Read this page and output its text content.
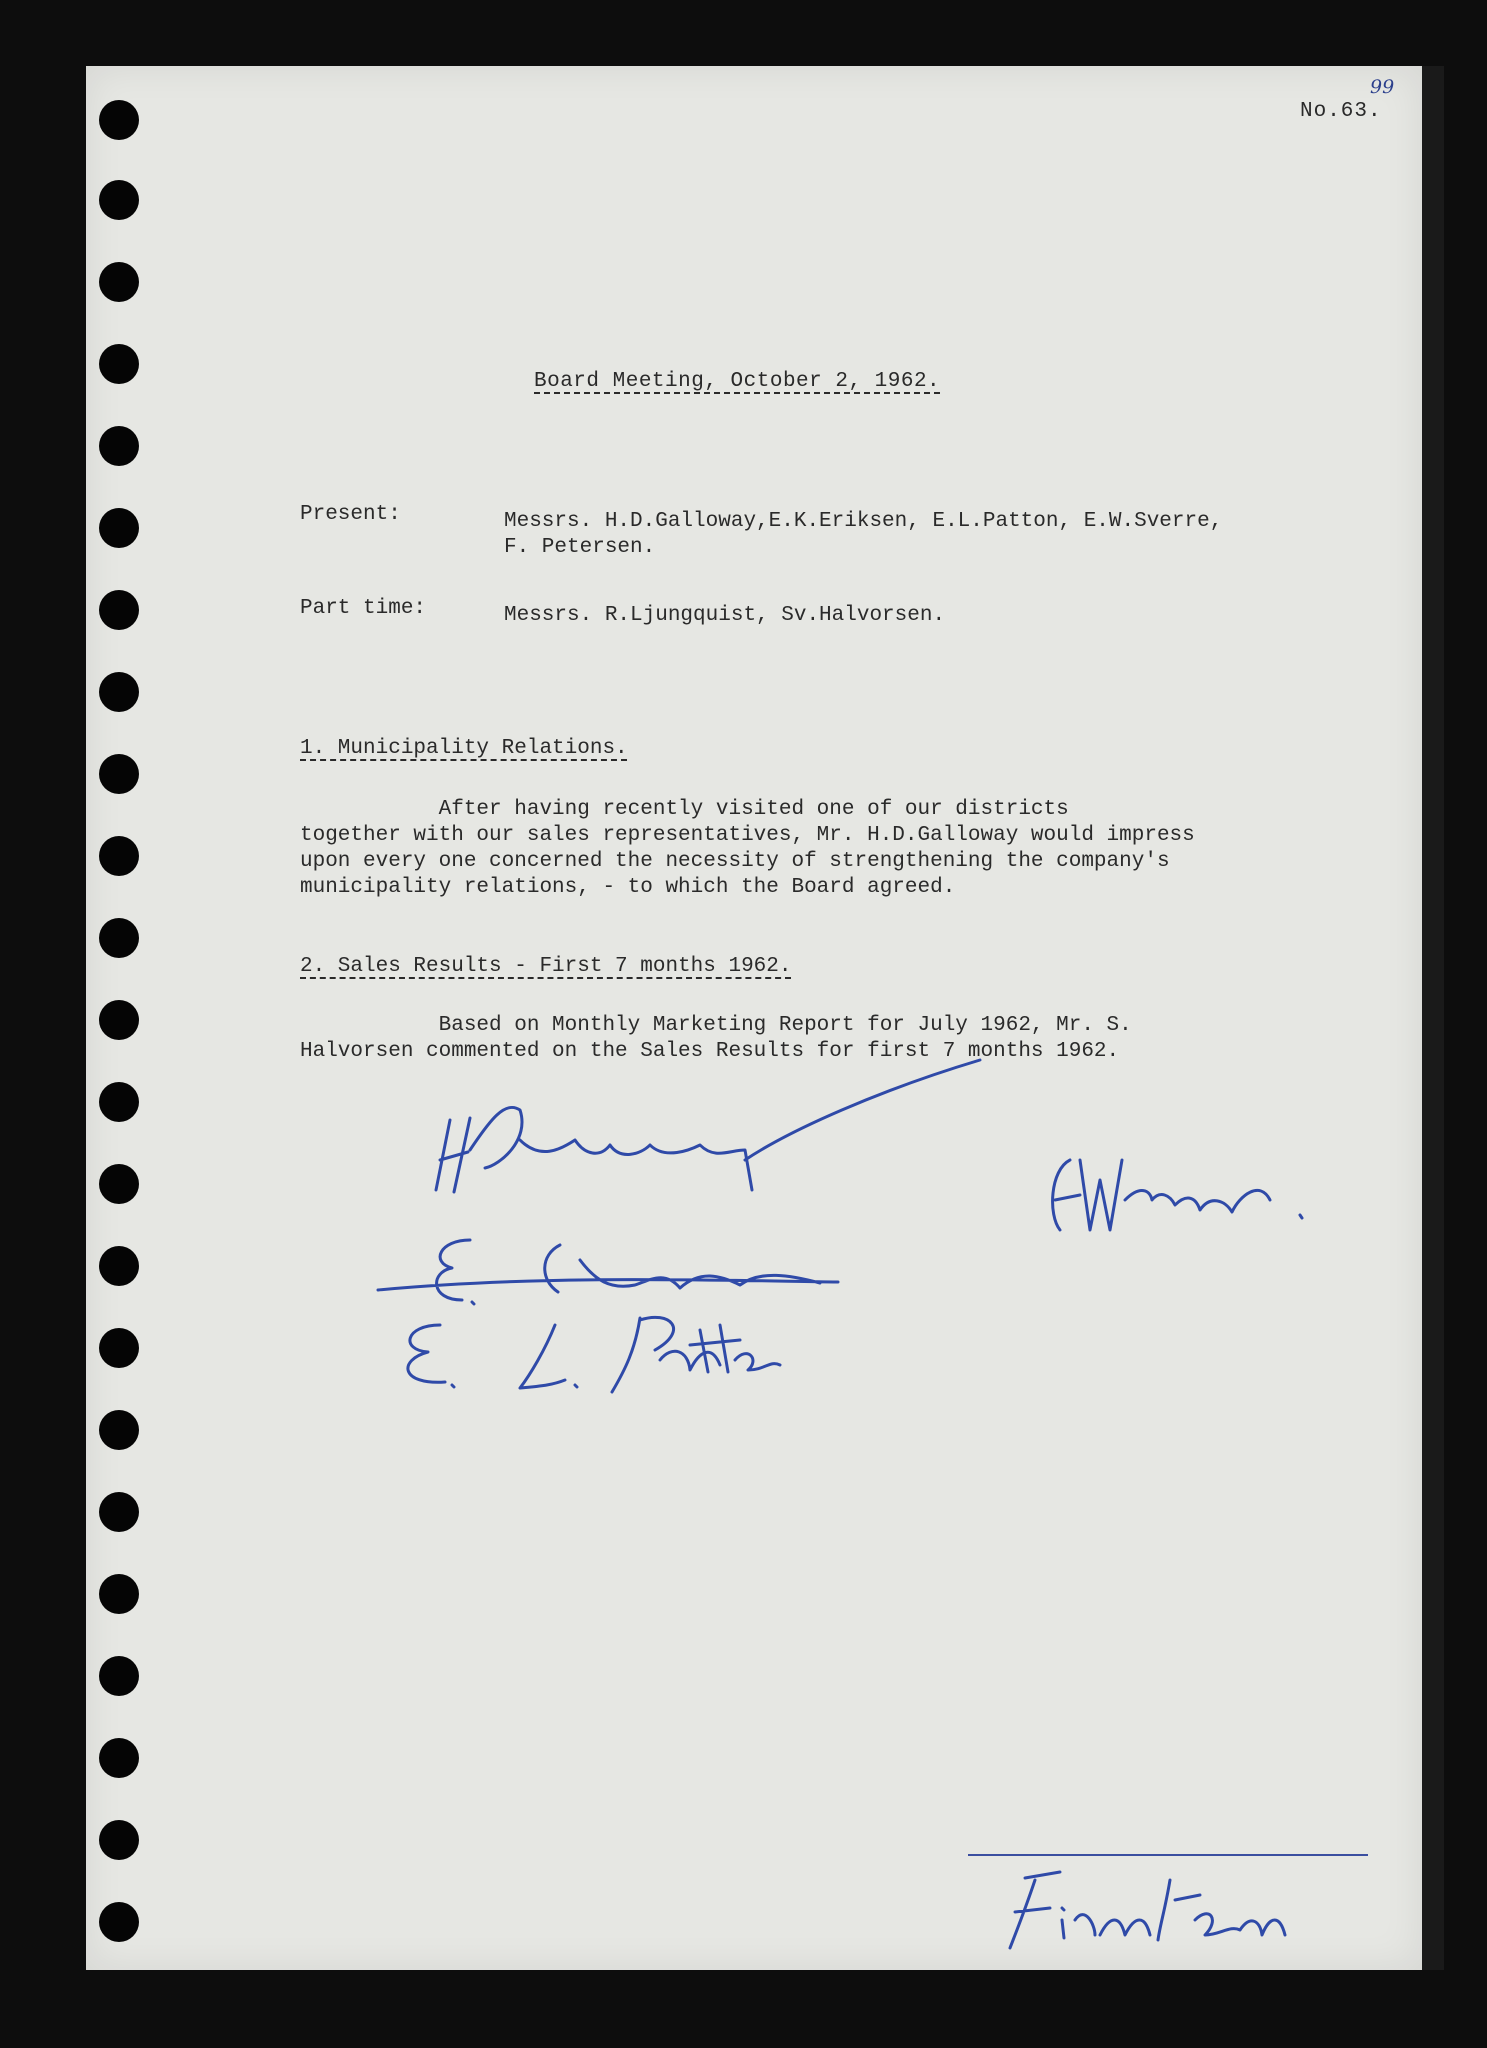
99
No.63.
Board Meeting, October 2, 1962.
Present:	Messrs. H.D.Galloway,E.K.Eriksen, E.L.Patton, E.W.Sverre,
F. Petersen.
Part time:	Messrs. R.Ljungquist, Sv.Halvorsen.
1. Municipality Relations.
After having recently visited one of our districts
together with our sales representatives, Mr. H.D.Galloway would impress
upon every one concerned the necessity of strengthening the company's
municipality relations, - to which the Board agreed.
2. Sales Results - First 7 months 1962.
Based on Monthly Marketing Report for July 1962, Mr. S.
Halvorsen commented on the Sales Results for first 7 months 1962.
